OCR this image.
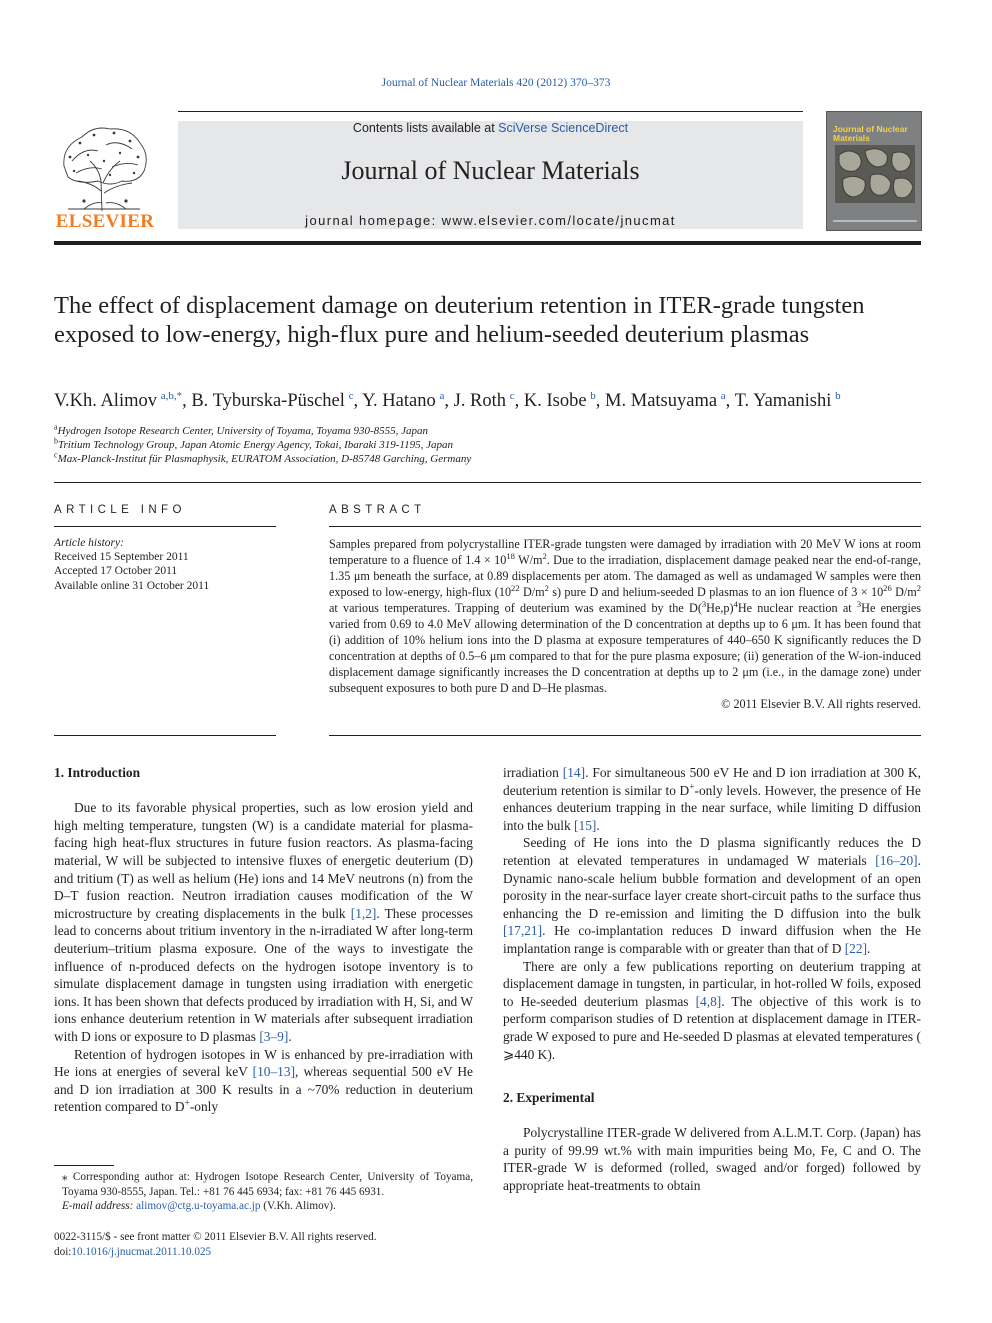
Journal of Nuclear Materials 420 (2012) 370–373
ELSEVIER
Contents lists available at SciVerse ScienceDirect
Journal of Nuclear Materials
journal homepage: www.elsevier.com/locate/jnucmat
Journal of Nuclear Materials
The effect of displacement damage on deuterium retention in ITER-grade tungsten exposed to low-energy, high-flux pure and helium-seeded deuterium plasmas
V.Kh. Alimov  $^{a,b,*}$, B. Tyburska-Püschel  $^c$, Y. Hatano  $^a$, J. Roth  $^c$, K. Isobe  $^b$, M. Matsuyama  $^a$, T. Yamanishi  $^b$
$^a$Hydrogen Isotope Research Center, University of Toyama, Toyama 930-8555, Japan
$^b$Tritium Technology Group, Japan Atomic Energy Agency, Tokai, Ibaraki 319-1195, Japan
$^c$Max-Planck-Institut für Plasmaphysik, EURATOM Association, D-85748 Garching, Germany
ARTICLE INFO
Article history:
Received 15 September 2011
Accepted 17 October 2011
Available online 31 October 2011
ABSTRACT

Samples prepared from polycrystalline ITER-grade tungsten were damaged by irradiation with 20 MeV W ions at room temperature to a fluence of $1.4 \times 10^{18}$ $W/m^2$. Due to the irradiation, displacement damage peaked near the end-of-range, 1.35 μm beneath the surface, at 0.89 displacements per atom. The damaged as well as undamaged W samples were then exposed to low-energy, high-flux ($10^{22}$ $D/m^2$ s) pure D and helium-seeded D plasmas to an ion fluence of $3 \times 10^{26}$ $D/m^2$ at various temperatures. Trapping of deuterium was examined by the $D(^3He,p)^4He$ nuclear reaction at $^3$He energies varied from 0.69 to 4.0 MeV allowing determination of the D concentration at depths up to 6 μm. It has been found that (i) addition of 10% helium ions into the D plasma at exposure temperatures of 440–650 K significantly reduces the D concentration at depths of 0.5–6 μm compared to that for the pure plasma exposure; (ii) generation of the W-ion-induced displacement damage significantly increases the D concentration at depths up to 2 μm (i.e., in the damage zone) under subsequent exposures to both pure D and D–He plasmas.

© 2011 Elsevier B.V. All rights reserved.

1. Introduction

Due to its favorable physical properties, such as low erosion yield and high melting temperature, tungsten (W) is a candidate material for plasma-facing high heat-flux structures in future fusion reactors. As plasma-facing material, W will be subjected to intensive fluxes of energetic deuterium (D) and tritium (T) as well as helium (He) ions and 14 MeV neutrons (n) from the D–T fusion reaction. Neutron irradiation causes modification of the W microstructure by creating displacements in the bulk [1,2]. These processes lead to concerns about tritium inventory in the n-irradiated W after long-term deuterium–tritium plasma exposure. One of the ways to investigate the influence of n-produced defects on the hydrogen isotope inventory is to simulate displacement damage in tungsten using irradiation with energetic ions. It has been shown that defects produced by irradiation with H, Si, and W ions enhance deuterium retention in W materials after subsequent irradiation with D ions or exposure to D plasmas [3–9].

Retention of hydrogen isotopes in W is enhanced by pre-irradiation with He ions at energies of several keV [10–13], whereas sequential 500 eV He and D ion irradiation at 300 K results in a ~70% reduction in deuterium retention compared to D+-only

⁎ Corresponding author at: Hydrogen Isotope Research Center, University of Toyama, Toyama 930-8555, Japan. Tel.: +81 76 445 6934; fax: +81 76 445 6931.

E-mail address: alimov@ctg.u-toyama.ac.jp (V.Kh. Alimov).

0022-3115/$ - see front matter © 2011 Elsevier B.V. All rights reserved.
doi:10.1016/j.jnucmat.2011.10.025

irradiation [14]. For simultaneous 500 eV He and D ion irradiation at 300 K, deuterium retention is similar to D+-only levels. However, the presence of He enhances deuterium trapping in the near surface, while limiting D diffusion into the bulk [15].

Seeding of He ions into the D plasma significantly reduces the D retention at elevated temperatures in undamaged W materials [16–20]. Dynamic nano-scale helium bubble formation and development of an open porosity in the near-surface layer create short-circuit paths to the surface thus enhancing the D re-emission and limiting the D diffusion into the bulk [17,21]. He co-implantation reduces D inward diffusion when the He implantation range is comparable with or greater than that of D [22].

There are only a few publications reporting on deuterium trapping at displacement damage in tungsten, in particular, in hot-rolled W foils, exposed to He-seeded deuterium plasmas [4,8]. The objective of this work is to perform comparison studies of D retention at displacement damage in ITER-grade W exposed to pure and He-seeded D plasmas at elevated temperatures ( ⩾440 K).

2. Experimental

Polycrystalline ITER-grade W delivered from A.L.M.T. Corp. (Japan) has a purity of 99.99 wt.% with main impurities being Mo, Fe, C and O. The ITER-grade W is deformed (rolled, swaged and/or forged) followed by appropriate heat-treatments to obtain
